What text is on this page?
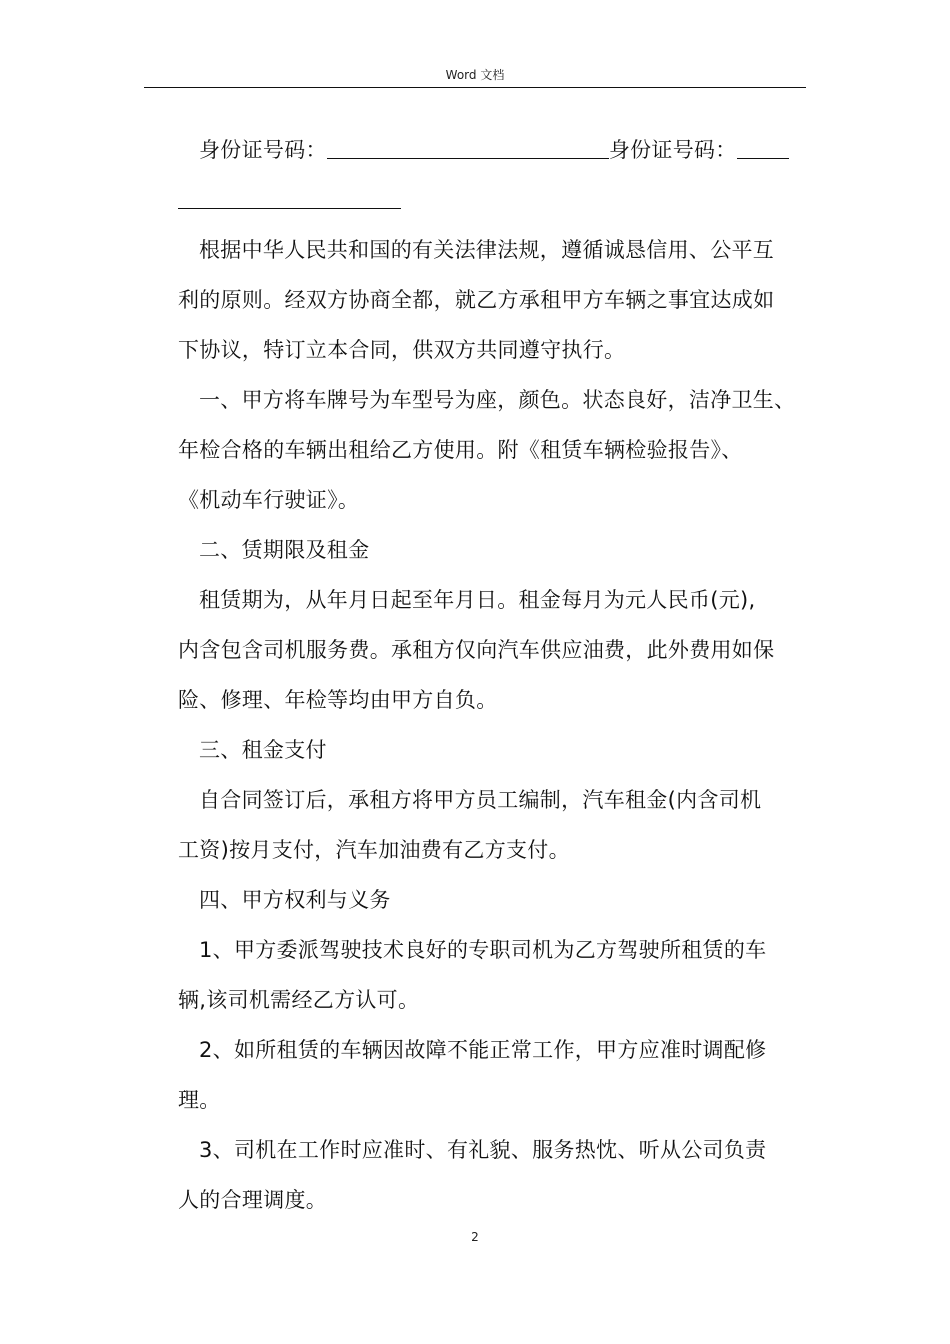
Word 文档
身份证号码：	身份证号码：
根据中华人民共和国的有关法律法规，遵循诚恳信用、公平互
利的原则。经双方协商全都，就乙方承租甲方车辆之事宜达成如
下协议，特订立本合同，供双方共同遵守执行。
一、甲方将车牌号为车型号为座，颜色。状态良好，洁净卫生、
年检合格的车辆出租给乙方使用。附《租赁车辆检验报告》、
《机动车行驶证》。
二、赁期限及租金
租赁期为，从年月日起至年月日。租金每月为元人民币(元),
内含包含司机服务费。承租方仅向汽车供应油费，此外费用如保
险、修理、年检等均由甲方自负。
三、租金支付
自合同签订后，承租方将甲方员工编制，汽车租金(内含司机
工资)按月支付，汽车加油费有乙方支付。
四、甲方权利与义务
1、甲方委派驾驶技术良好的专职司机为乙方驾驶所租赁的车
辆,该司机需经乙方认可。
2、如所租赁的车辆因故障不能正常工作，甲方应准时调配修
理。
3、司机在工作时应准时、有礼貌、服务热忱、听从公司负责
人的合理调度。
2
